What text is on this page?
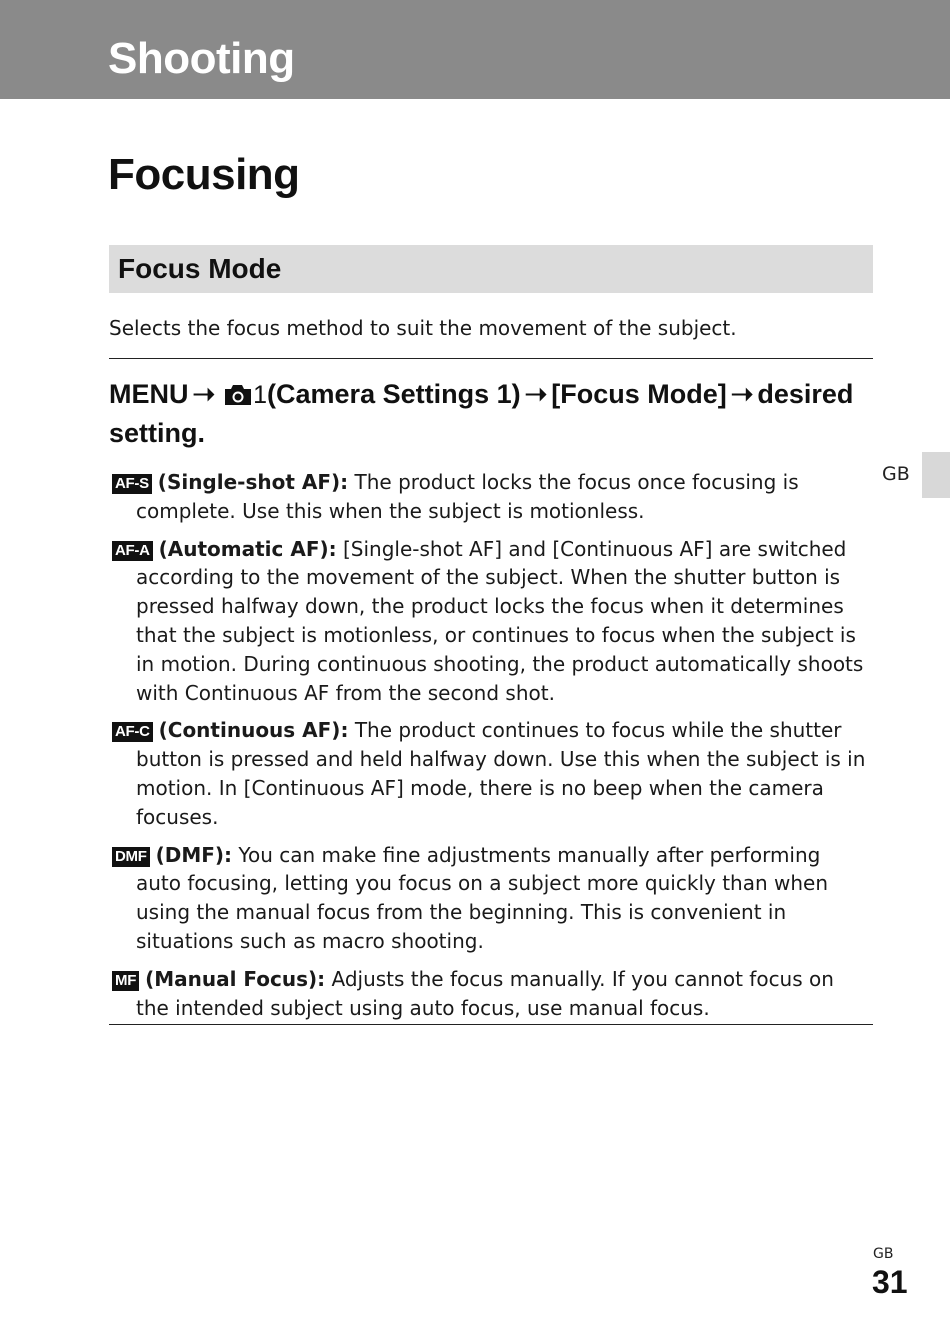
Shooting
Focusing
Focus Mode
Selects the focus method to suit the movement of the subject.
MENU ➝ 1(Camera Settings 1) ➝ [Focus Mode] ➝ desired setting.
GB

AF-S (Single-shot AF): The product locks the focus once focusing is complete. Use this when the subject is motionless.

AF-A (Automatic AF): [Single-shot AF] and [Continuous AF] are switched according to the movement of the subject. When the shutter button is pressed halfway down, the product locks the focus when it determines that the subject is motionless, or continues to focus when the subject is in motion. During continuous shooting, the product automatically shoots with Continuous AF from the second shot.

AF-C (Continuous AF): The product continues to focus while the shutter button is pressed and held halfway down. Use this when the subject is in motion. In [Continuous AF] mode, there is no beep when the camera focuses.

DMF (DMF): You can make fine adjustments manually after performing auto focusing, letting you focus on a subject more quickly than when using the manual focus from the beginning. This is convenient in situations such as macro shooting.

MF (Manual Focus): Adjusts the focus manually. If you cannot focus on the intended subject using auto focus, use manual focus.

GB
31
